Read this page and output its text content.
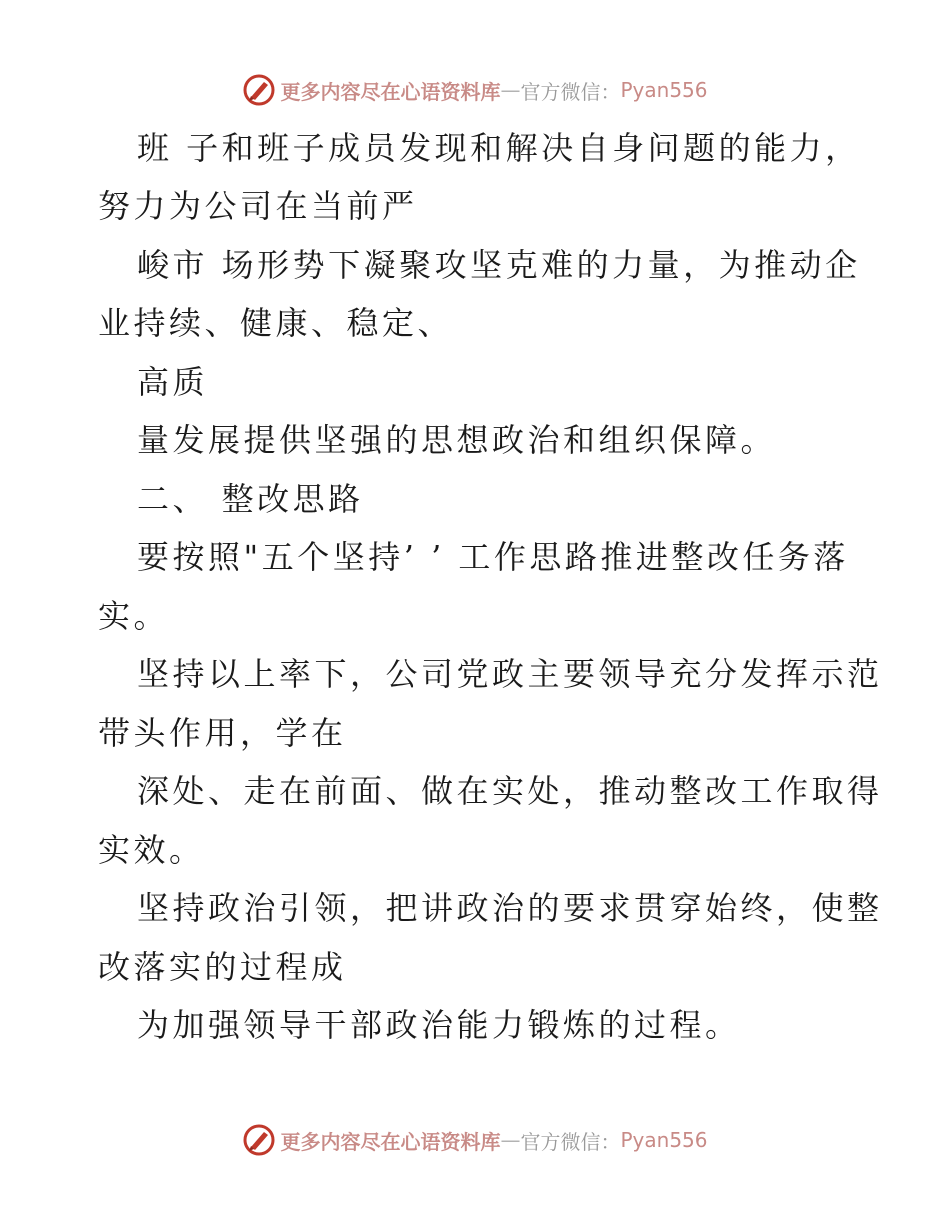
更多内容尽在心语资料库 — 官方微信： Pyan556
班 子和班子成员发现和解决自身问题的能力，
努力为公司在当前严
峻市 场形势下凝聚攻坚克难的力量，为推动企
业持续、健康、稳定、
高质
量发展提供坚强的思想政治和组织保障。
二、 整改思路
要按照"五个坚持’ ’ 工作思路推进整改任务落
实。
坚持以上率下，公司党政主要领导充分发挥示范
带头作用，学在
深处、走在前面、做在实处，推动整改工作取得
实效。
坚持政治引领，把讲政治的要求贯穿始终，使整
改落实的过程成
为加强领导干部政治能力锻炼的过程。
更多内容尽在心语资料库 — 官方微信： Pyan556
